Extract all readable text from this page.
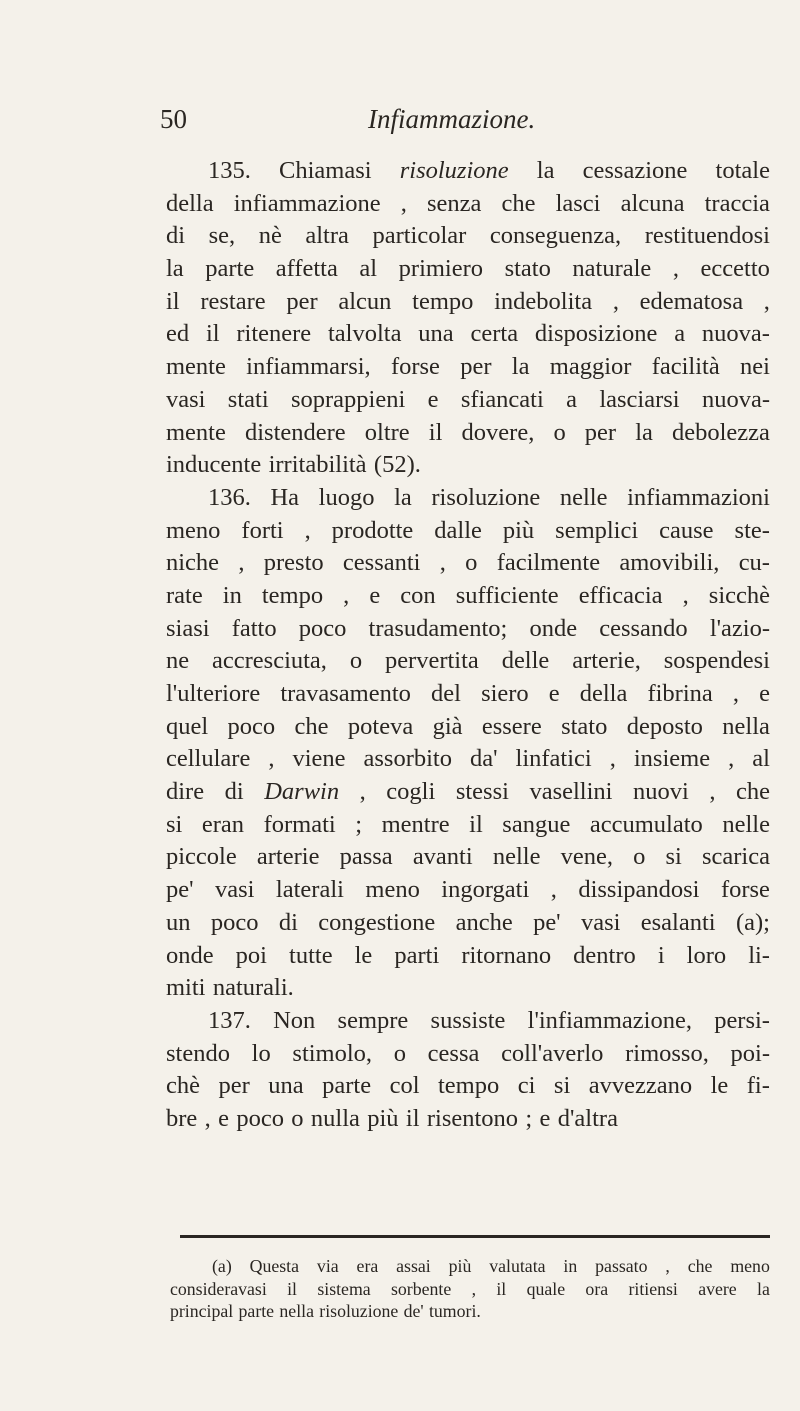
50	Infiammazione.
135. Chiamasi risoluzione la cessazione totale
della infiammazione , senza che lasci alcuna traccia
di se, nè altra particolar conseguenza, restituendosi
la parte affetta al primiero stato naturale , eccetto
il restare per alcun tempo indebolita , edematosa ,
ed il ritenere talvolta una certa disposizione a nuova-
mente infiammarsi, forse per la maggior facilità nei
vasi stati soprappieni e sfiancati a lasciarsi nuova-
mente distendere oltre il dovere, o per la debolezza
inducente irritabilità (52).
136. Ha luogo la risoluzione nelle infiammazioni
meno forti , prodotte dalle più semplici cause ste-
niche , presto cessanti , o facilmente amovibili, cu-
rate in tempo , e con sufficiente efficacia , sicchè
siasi fatto poco trasudamento; onde cessando l'azio-
ne accresciuta, o pervertita delle arterie, sospendesi
l'ulteriore travasamento del siero e della fibrina , e
quel poco che poteva già essere stato deposto nella
cellulare , viene assorbito da' linfatici , insieme , al
dire di Darwin , cogli stessi vasellini nuovi , che
si eran formati ; mentre il sangue accumulato nelle
piccole arterie passa avanti nelle vene, o si scarica
pe' vasi laterali meno ingorgati , dissipandosi forse
un poco di congestione anche pe' vasi esalanti (a);
onde poi tutte le parti ritornano dentro i loro li-
miti naturali.
137. Non sempre sussiste l'infiammazione, persi-
stendo lo stimolo, o cessa coll'averlo rimosso, poi-
chè per una parte col tempo ci si avvezzano le fi-
bre , e poco o nulla più il risentono ; e d'altra
(a) Questa via era assai più valutata in passato , che meno
consideravasi il sistema sorbente , il quale ora ritiensi avere la
principal parte nella risoluzione de' tumori.
